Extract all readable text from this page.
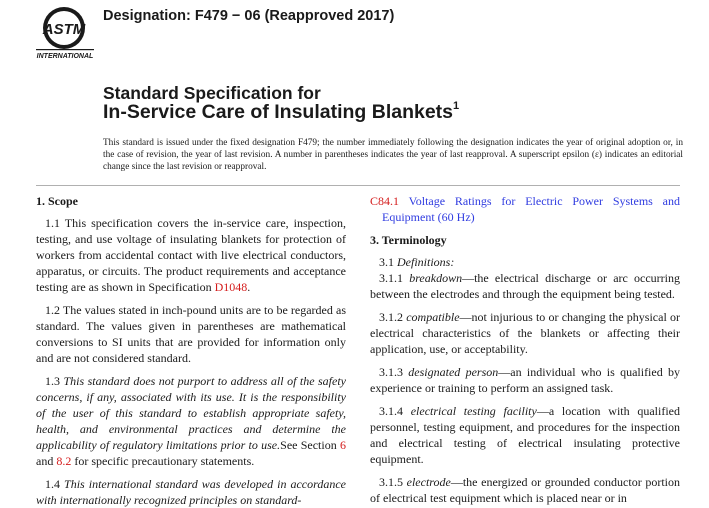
ASTM
INTERNATIONAL
Designation: F479 − 06 (Reapproved 2017)
Standard Specification for
In-Service Care of Insulating Blankets$^1$
This standard is issued under the fixed designation F479; the number immediately following the designation indicates the year of original adoption or, in the case of revision, the year of last revision. A number in parentheses indicates the year of last reapproval. A superscript epsilon (ε) indicates an editorial change since the last revision or reapproval.
1. Scope

1.1 This specification covers the in-service care, inspection, testing, and use voltage of insulating blankets for protection of workers from accidental contact with live electrical conductors, apparatus, or circuits. The product requirements and acceptance testing are as shown in Specification D1048.

1.2 The values stated in inch-pound units are to be regarded as standard. The values given in parentheses are mathematical conversions to SI units that are provided for information only and are not considered standard.

1.3 This standard does not purport to address all of the safety concerns, if any, associated with its use. It is the responsibility of the user of this standard to establish appropriate safety, health, and environmental practices and determine the applicability of regulatory limitations prior to use.See Section 6 and 8.2 for specific precautionary statements.

1.4 This international standard was developed in accordance with internationally recognized principles on standard-

C84.1 Voltage Ratings for Electric Power Systems and Equipment (60 Hz)

3. Terminology

3.1 Definitions:

3.1.1 breakdown—the electrical discharge or arc occurring between the electrodes and through the equipment being tested.

3.1.2 compatible—not injurious to or changing the physical or electrical characteristics of the blankets or affecting their application, use, or acceptability.

3.1.3 designated person—an individual who is qualified by experience or training to perform an assigned task.

3.1.4 electrical testing facility—a location with qualified personnel, testing equipment, and procedures for the inspection and electrical testing of electrical insulating protective equipment.

3.1.5 electrode—the energized or grounded conductor portion of electrical test equipment which is placed near or in
